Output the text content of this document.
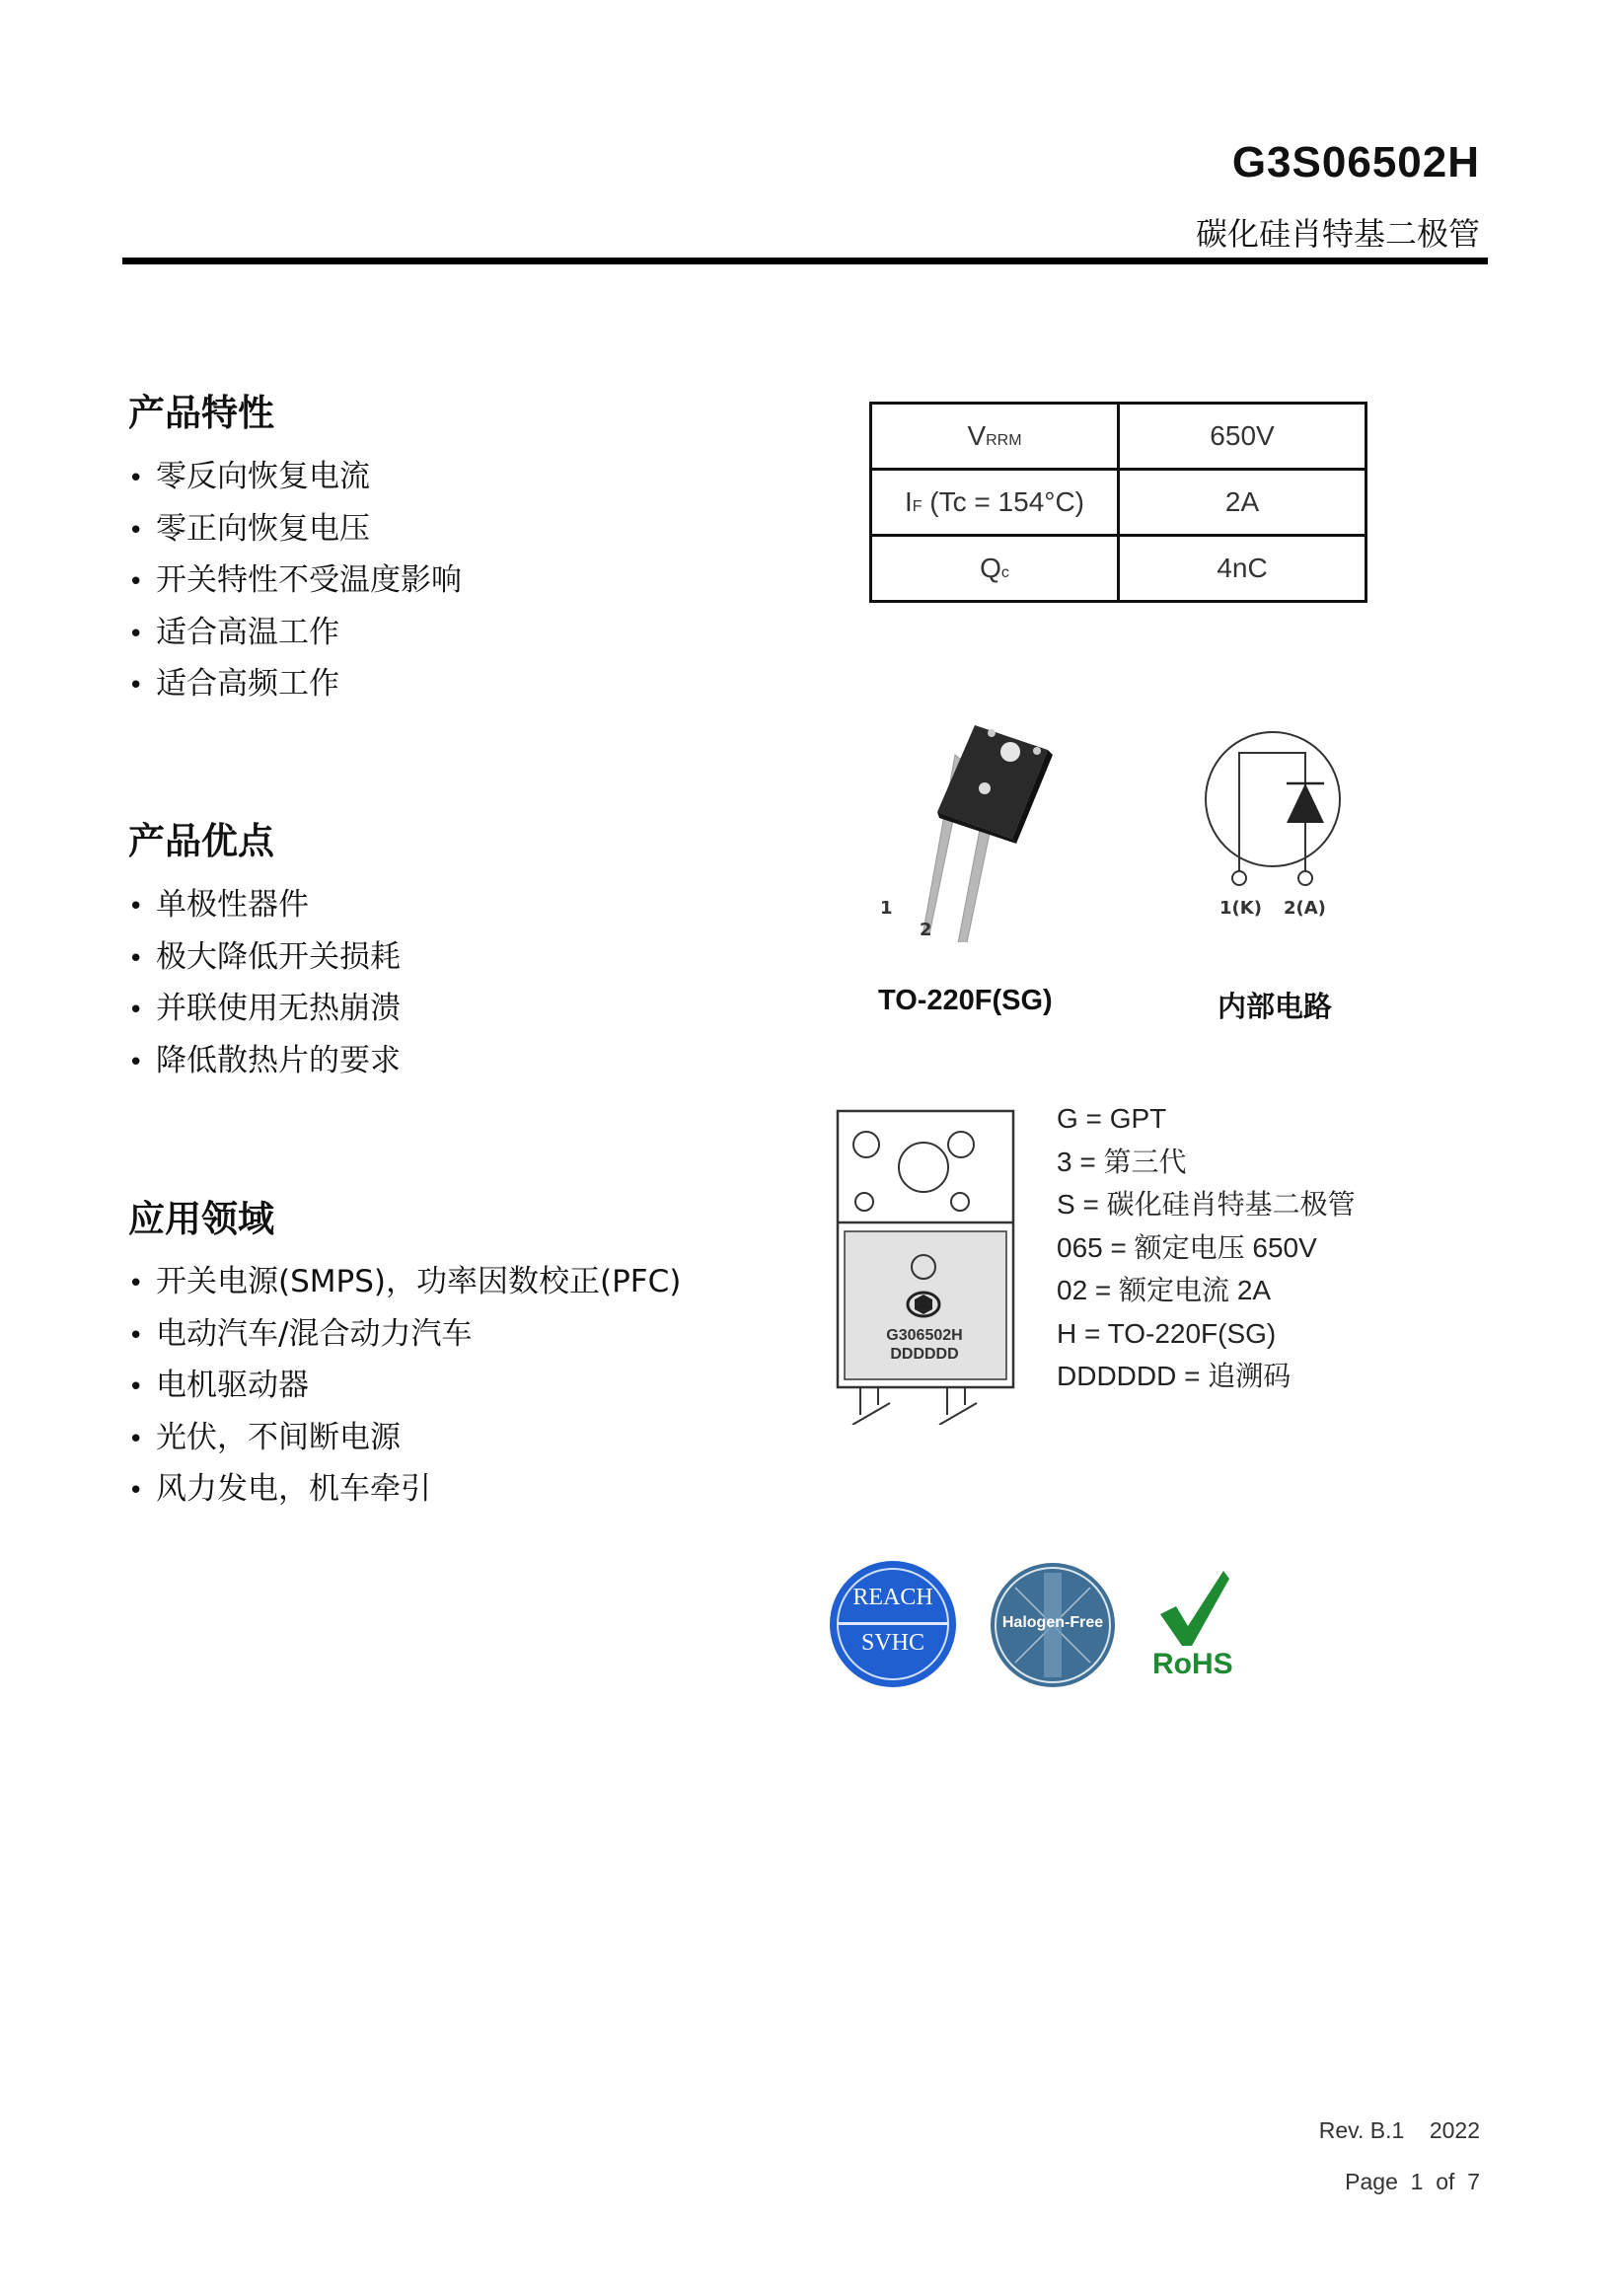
G3S06502H
碳化硅肖特基二极管
产品特性
• 零反向恢复电流
• 零正向恢复电压
• 开关特性不受温度影响
• 适合高温工作
• 适合高频工作
产品优点
• 单极性器件
• 极大降低开关损耗
• 并联使用无热崩溃
• 降低散热片的要求
应用领域
• 开关电源(SMPS)，功率因数校正(PFC)
• 电动汽车/混合动力汽车
• 电机驱动器
• 光伏，不间断电源
• 风力发电，机车牵引
VRRM	650V
IF (Tc = 154°C)	2A
Qc	4nC
1
2
TO-220F(SG)
1(K) 2(A)
内部电路
G306502H
DDDDDD
G = GPT
3 = 第三代
S = 碳化硅肖特基二极管
065 = 额定电压 650V
02 = 额定电流 2A
H = TO-220F(SG)
DDDDDD = 追溯码
REACH
SVHC
Halogen-Free
RoHS
Rev. B.1    2022
Page  1  of  7
